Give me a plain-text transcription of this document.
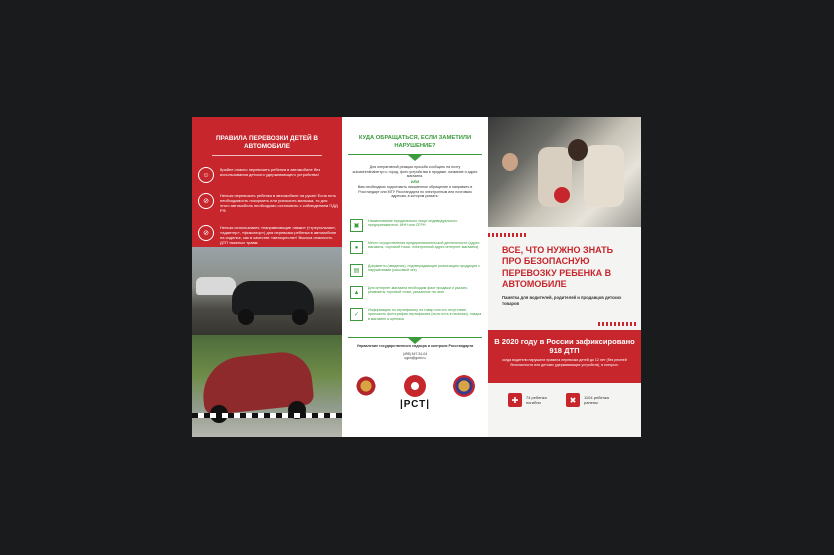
ПРАВИЛА ПЕРЕВОЗКИ ДЕТЕЙ В АВТОМОБИЛЕ
☺
Крайне опасно перевозить ребенка в автомобиле без использования детского удерживающего устройства!
⊘
Нельзя перевозить ребенка в автомобиле на руках! Если есть необходимость покормить или успокоить малыша, то для этого автомобиль необходимо остановить с соблюдением ПДД РФ.
⊘
Нельзя использовать «направляющие лямки» («треугольник», «адаптер», «фиксатор») для перевозки ребенка в автомобиле на сиденье, как в качестве «автокресла»! Высока опасность ДТП тяжелых травм.
КУДА ОБРАЩАТЬСЯ, ЕСЛИ ЗАМЕТИЛИ НАРУШЕНИЕ?
Для оперативной реакции просьба сообщать на почту autoadrenkhaberry.ru: город, фото устройства в продаже, название и адрес магазина.
ИЛИ
Вам необходимо подготовить письменное обращение и направить в Росстандарт или МТУ Росстандарта по электронным или почтовым адресам, в котором указать:
▣
Наименование юридического лица/ индивидуального предпринимателя, ИНН или ОГРН
●
Место осуществления предпринимательской деятельности (адрес магазина, торговой точки, электронный адрес интернет-магазина)
▤
Документы (сведения), подтверждающие реализацию продукции с нарушениями (кассовый чек)
▲
Для интернет-магазина необходим факт продажи и указать реквизиты торговой точки, указанные на чеке
✓
Информацию по сертификату на товар или его отсутствие, приложить фотографии сертификата (если есть в наличии), товара в магазине и ценника
Управление государственного надзора и контроля Росстандарта
(495) 547-51-04
ugsn@gost.ru
|РСТ|
ВСЕ, ЧТО НУЖНО ЗНАТЬ ПРО БЕЗОПАСНУЮ ПЕРЕВОЗКУ РЕБЕНКА В АВТОМОБИЛЕ
Памятка для водителей, родителей и продавцов детских товаров
В 2020 году в России зафиксировано 918 ДТП
когда водители нарушили правила перевозки детей до 12 лет (без ремней безопасности или детских удерживающих устройств), в которых:
✚	74 ребенка погибли	✖	1104 ребенка ранены
